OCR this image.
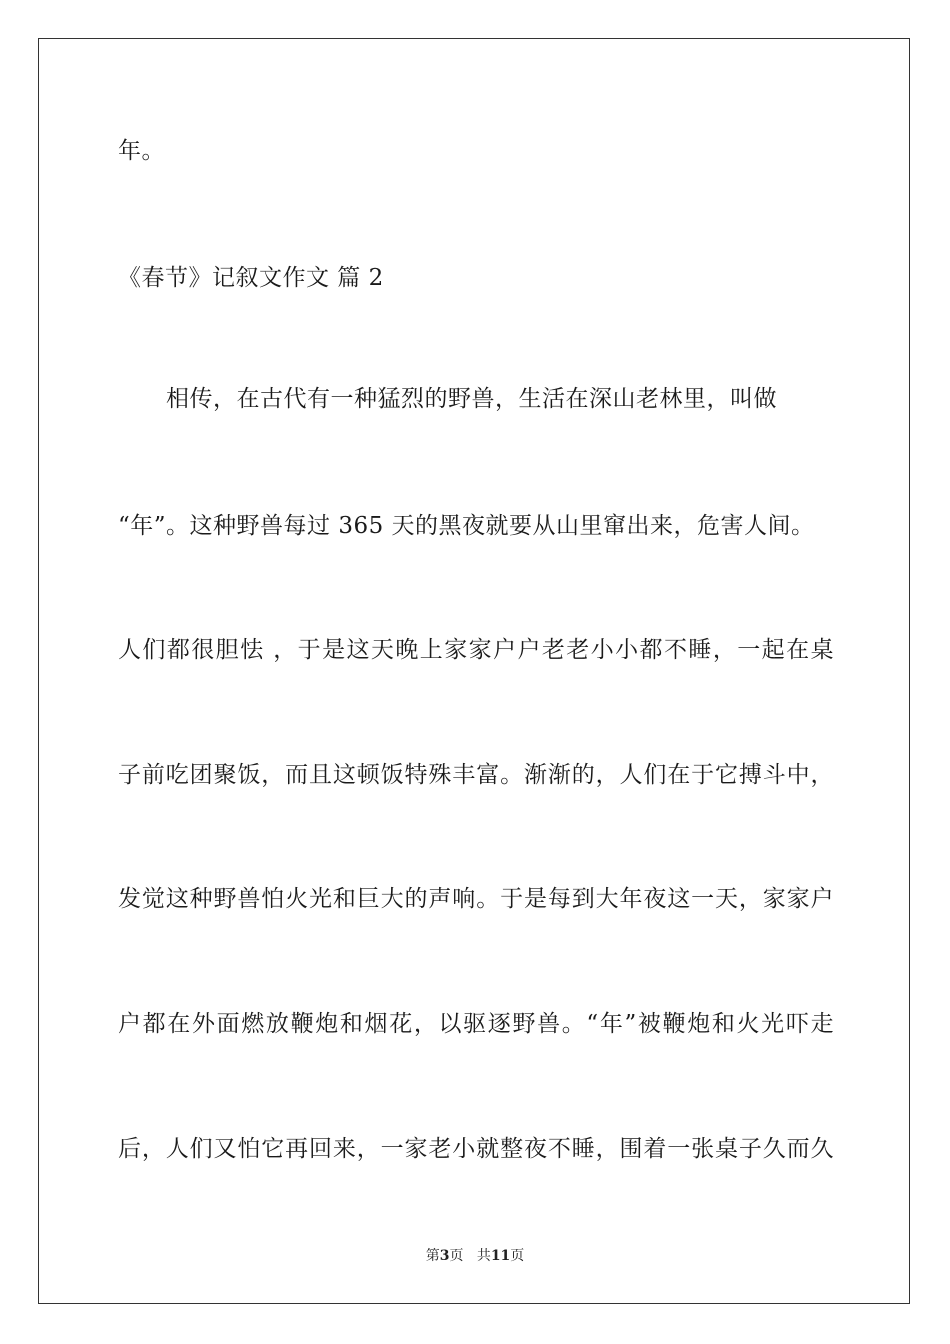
年。
《春节》记叙文作文 篇 2
相传，在古代有一种猛烈的野兽，生活在深山老林里，叫做
“年”。这种野兽每过 365 天的黑夜就要从山里窜出来，危害人间。
人们都很胆怯 ，于是这天晚上家家户户老老小小都不睡，一起在桌
子前吃团聚饭，而且这顿饭特殊丰富。渐渐的，人们在于它搏斗中，
发觉这种野兽怕火光和巨大的声响。于是每到大年夜这一天，家家户
户都在外面燃放鞭炮和烟花，以驱逐野兽。“年”被鞭炮和火光吓走
后，人们又怕它再回来，一家老小就整夜不睡，围着一张桌子久而久
第3页 共11页
